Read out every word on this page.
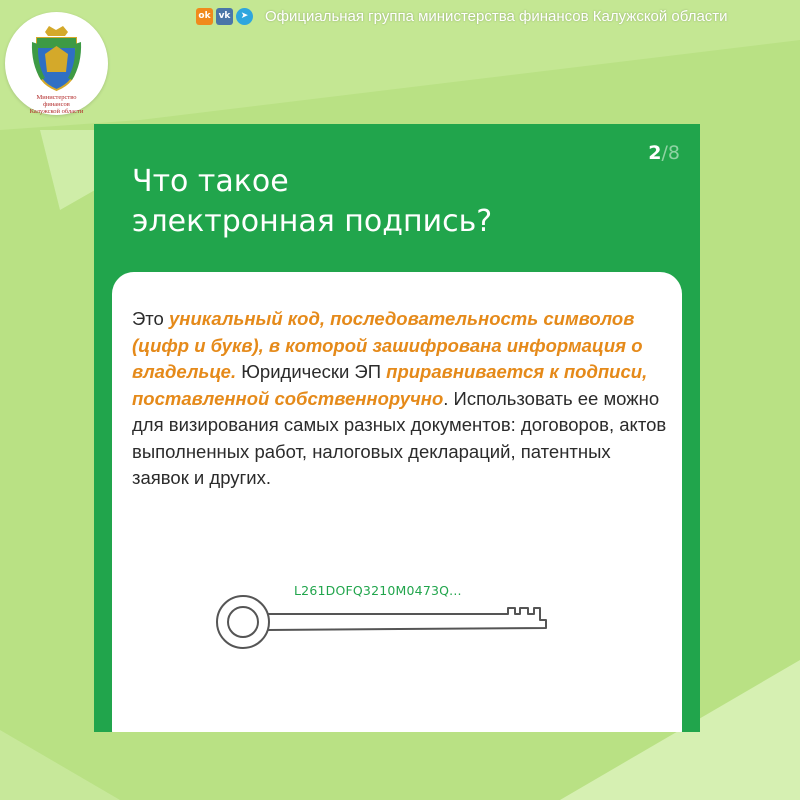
ok vk	➤	Официальная группа министерства финансов Калужской области
Министерство
финансов
Калужской области
2/8
Что такое
электронная подпись?

Это уникальный код, последовательность символов (цифр и букв), в которой зашифрована информация о владельце. Юридически ЭП приравнивается к подписи, поставленной собственноручно. Использовать ее можно для визирования самых разных документов: договоров, актов выполненных работ, налоговых деклараций, патентных заявок и других.

L261DOFQ3210M0473Q...
